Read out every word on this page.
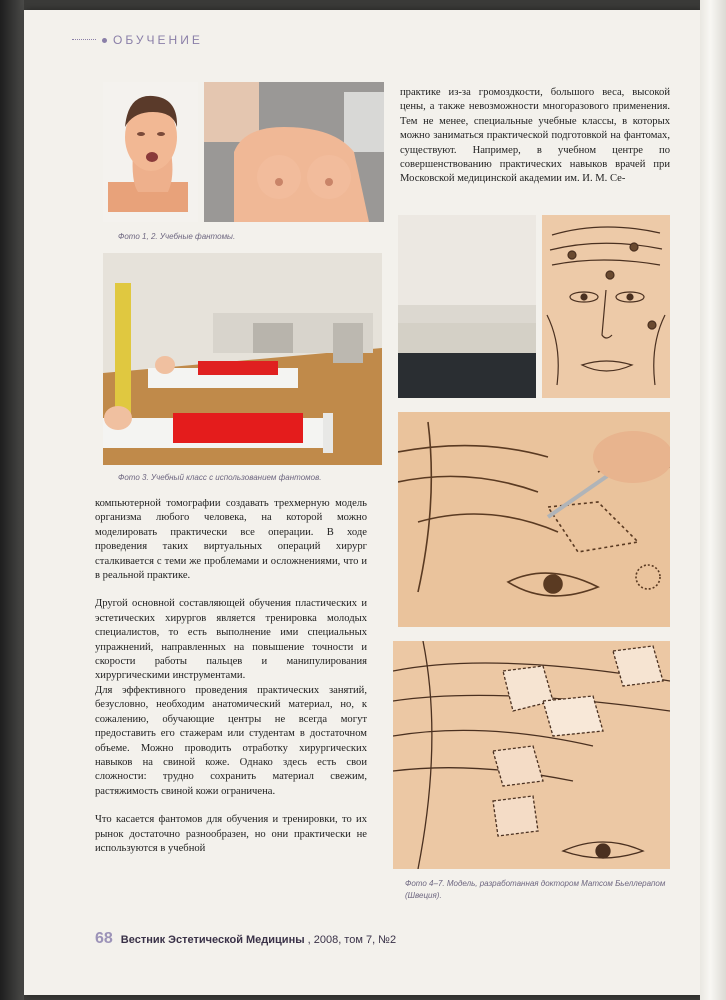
ОБУЧЕНИЕ
Фото 1, 2. Учебные фантомы.
Фото 3. Учебный класс с использованием фантомов.

компьютерной томографии создавать трехмерную модель организма любого человека, на которой можно моделировать практически все операции. В ходе проведения таких виртуальных операций хирург сталкивается с теми же проблемами и осложнениями, что и в реальной практике.

Другой основной составляющей обучения пластических и эстетических хирургов является тренировка молодых специалистов, то есть выполнение ими специальных упражнений, направленных на повышение точности и скорости работы пальцев и манипулирования хирургическими инструментами.

Для эффективного проведения практических занятий, безусловно, необходим анатомический материал, но, к сожалению, обучающие центры не всегда могут предоставить его стажерам или студентам в достаточном объеме. Можно проводить отработку хирургических навыков на свиной коже. Однако здесь есть свои сложности: трудно сохранить материал свежим, растяжимость свиной кожи ограничена.

Что касается фантомов для обучения и тренировки, то их рынок достаточно разнообразен, но они практически не используются в учебной

практике из-за громоздкости, большого веса, высокой цены, а также невозможности многоразового применения. Тем не менее, специальные учебные классы, в которых можно заниматься практической подготовкой на фантомах, существуют. Например, в учебном центре по совершенствованию практических навыков врачей при Московской медицинской академии им. И. М. Се-

Фото 4–7. Модель, разработанная доктором Матсом Бьеллерапом (Швеция).
68 Вестник Эстетической Медицины , 2008, том 7, №2
